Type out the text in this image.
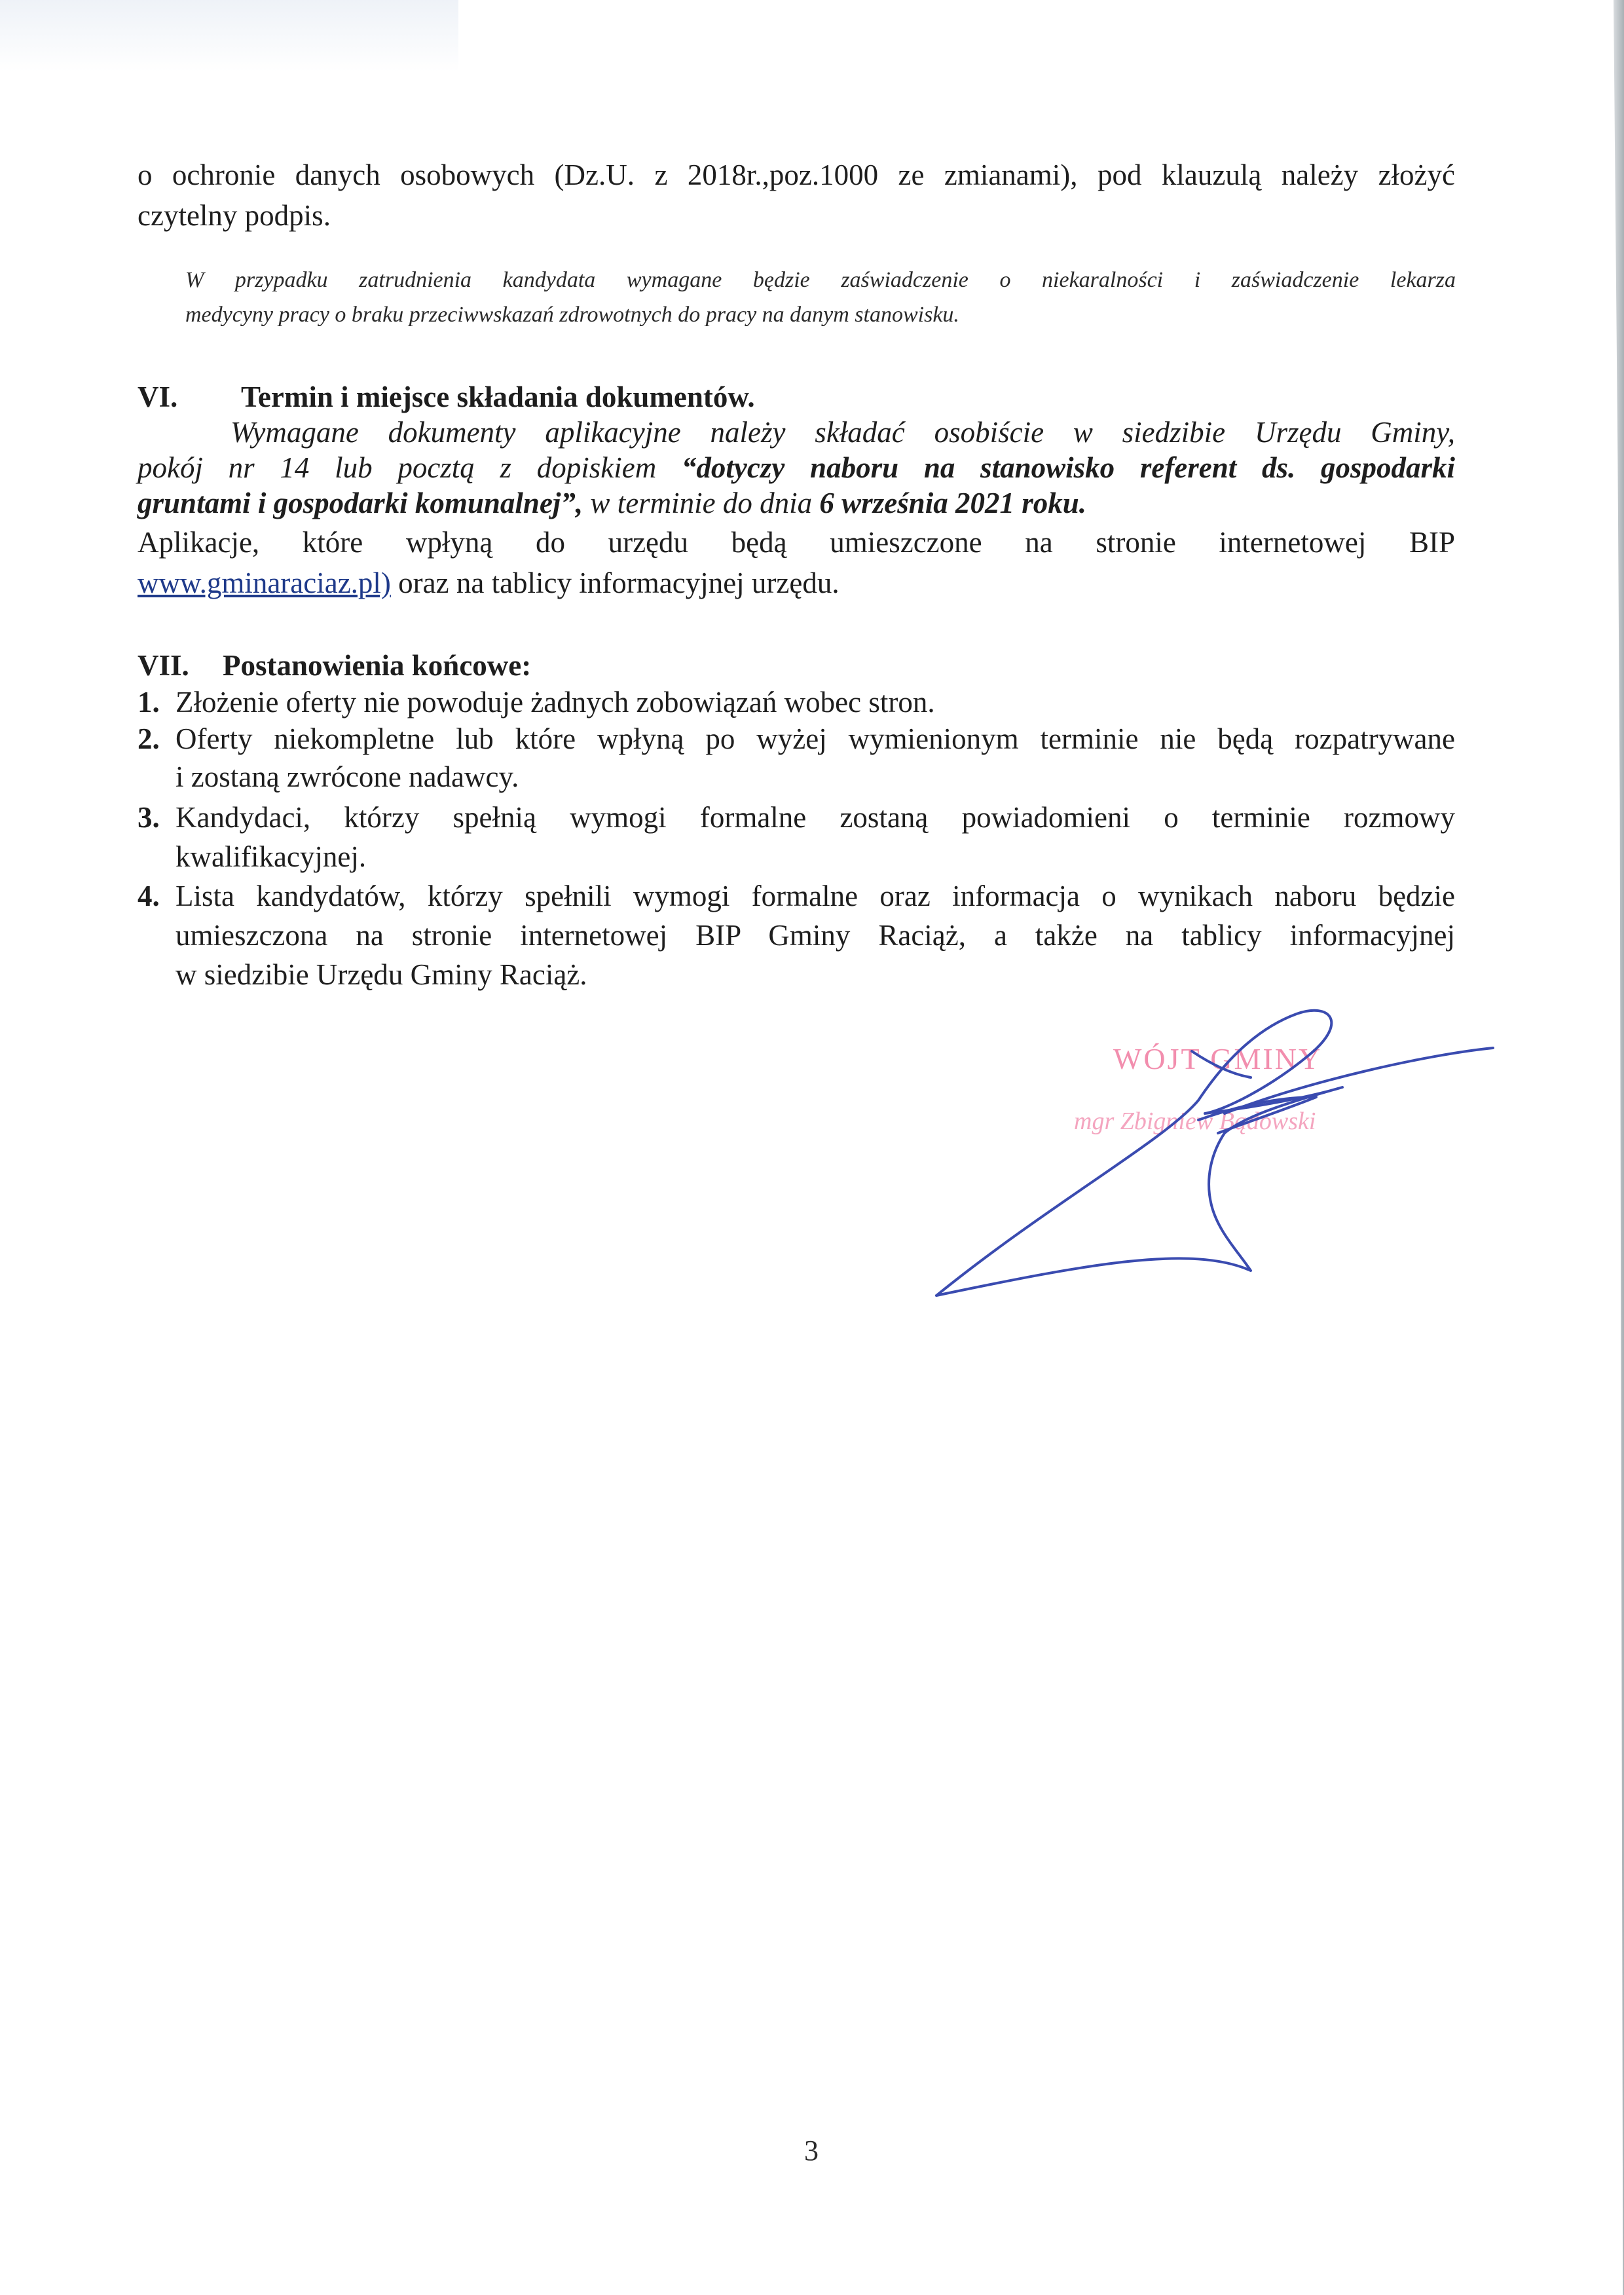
o ochronie danych osobowych (Dz.U. z 2018r.,poz.1000 ze zmianami), pod klauzulą należy złożyć
czytelny podpis.
W przypadku zatrudnienia kandydata wymagane będzie zaświadczenie o niekaralności i zaświadczenie lekarza
medycyny pracy o braku przeciwwskazań zdrowotnych do pracy na danym stanowisku.
VI. Termin i miejsce składania dokumentów.
Wymagane dokumenty aplikacyjne należy składać osobiście w siedzibie Urzędu Gminy,
pokój nr 14 lub pocztą z dopiskiem “dotyczy naboru na stanowisko referent ds. gospodarki
gruntami i gospodarki komunalnej”, w terminie do dnia 6 września 2021 roku.
Aplikacje, które wpłyną do urzędu będą umieszczone na stronie internetowej BIP
www.gminaraciaz.pl) oraz na tablicy informacyjnej urzędu.
VII. Postanowienia końcowe:
1. Złożenie oferty nie powoduje żadnych zobowiązań wobec stron.
2. Oferty niekompletne lub które wpłyną po wyżej wymienionym terminie nie będą rozpatrywane
i zostaną zwrócone nadawcy.
3. Kandydaci, którzy spełnią wymogi formalne zostaną powiadomieni o terminie rozmowy
kwalifikacyjnej.
4. Lista kandydatów, którzy spełnili wymogi formalne oraz informacja o wynikach naboru będzie
umieszczona na stronie internetowej BIP Gminy Raciąż, a także na tablicy informacyjnej
w siedzibie Urzędu Gminy Raciąż.
WÓJT GMINY
mgr Zbigniew Bądowski
3
